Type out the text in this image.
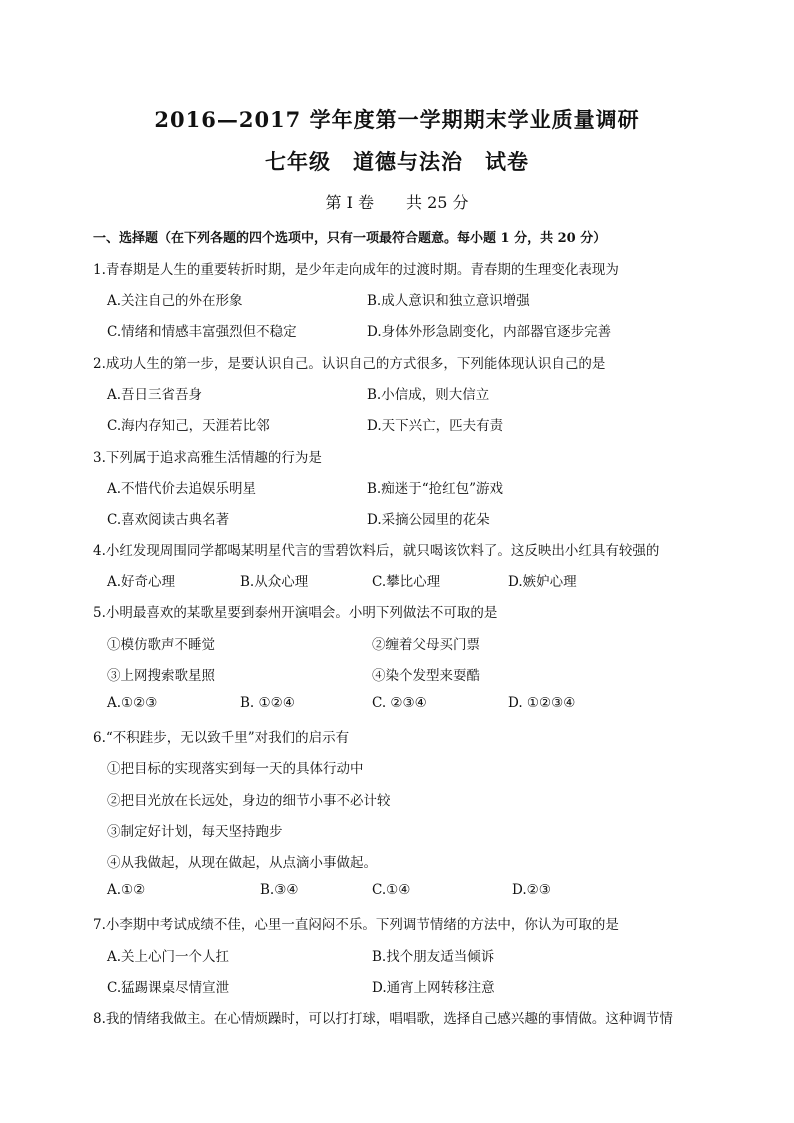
2016—2017 学年度第一学期期末学业质量调研
七年级　道德与法治　试卷
第 Ⅰ 卷　　共 25 分
一、选择题（在下列各题的四个选项中，只有一项最符合题意。每小题 1 分，共 20 分）
1.青春期是人生的重要转折时期，是少年走向成年的过渡时期。青春期的生理变化表现为
A.关注自己的外在形象	B.成人意识和独立意识增强
C.情绪和情感丰富强烈但不稳定	D.身体外形急剧变化，内部器官逐步完善
2.成功人生的第一步，是要认识自己。认识自己的方式很多，下列能体现认识自己的是
A.吾日三省吾身	B.小信成，则大信立
C.海内存知己，天涯若比邻	D.天下兴亡，匹夫有责
3.下列属于追求高雅生活情趣的行为是
A.不惜代价去追娱乐明星	B.痴迷于“抢红包”游戏
C.喜欢阅读古典名著	D.采摘公园里的花朵
4.小红发现周围同学都喝某明星代言的雪碧饮料后，就只喝该饮料了。这反映出小红具有较强的
A.好奇心理	B.从众心理	C.攀比心理	D.嫉妒心理
5.小明最喜欢的某歌星要到泰州开演唱会。小明下列做法不可取的是
①模仿歌声不睡觉	②缠着父母买门票
③上网搜索歌星照	④染个发型来耍酷
A.①②③	B. ①②④	C. ②③④	D. ①②③④
6.“不积跬步，无以致千里”对我们的启示有
①把目标的实现落实到每一天的具体行动中
②把目光放在长远处，身边的细节小事不必计较
③制定好计划，每天坚持跑步
④从我做起，从现在做起，从点滴小事做起。
A.①②	B.③④	C.①④	D.②③
7.小李期中考试成绩不佳，心里一直闷闷不乐。下列调节情绪的方法中，你认为可取的是
A.关上心门一个人扛	B.找个朋友适当倾诉
C.猛踢课桌尽情宣泄	D.通宵上网转移注意
8.我的情绪我做主。在心情烦躁时，可以打打球，唱唱歌，选择自己感兴趣的事情做。这种调节情
